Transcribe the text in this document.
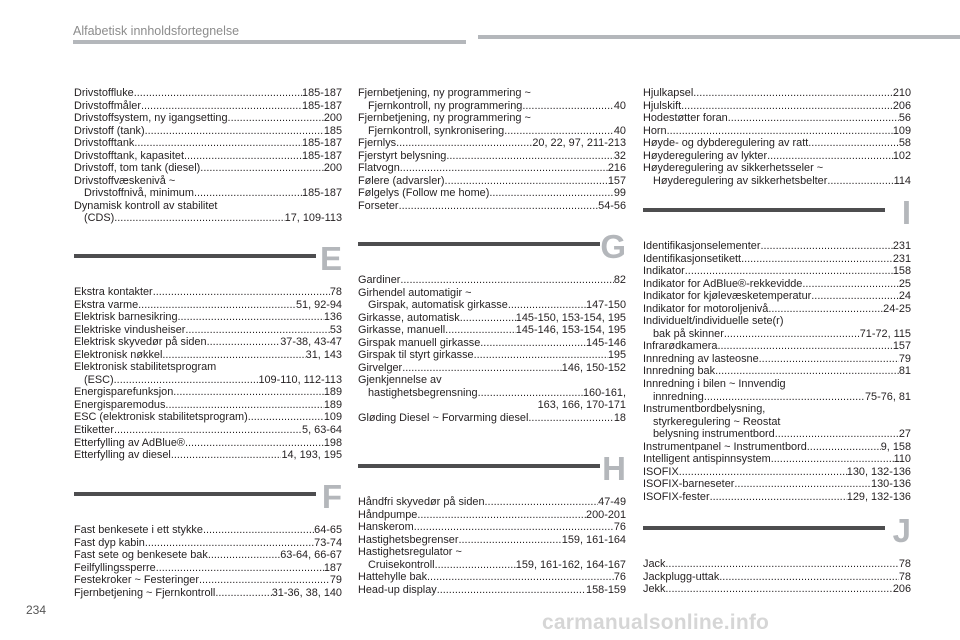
Alfabetisk innholdsfortegnelse
Drivstoffluke .....	185-187
Drivstoffmåler .....	185-187
Drivstoffsystem, ny igangsetting .....	200
Drivstoff (tank) .....	185
Drivstofftank .....	185-187
Drivstofftank, kapasitet .....	185-187
Drivstoff, tom tank (diesel) .....	200
Drivstoffvæskenivå ~
Drivstoffnivå, minimum .....	185-187
Dynamisk kontroll av stabilitet
(CDS) .....	17, 109-113
E
Ekstra kontakter .....	78
Ekstra varme .....	51, 92-94
Elektrisk barnesikring .....	136
Elektriske vindusheiser .....	53
Elektrisk skyvedør på siden .....	37-38, 43-47
Elektronisk nøkkel .....	31, 143
Elektronisk stabilitetsprogram
(ESC) .....	109-110, 112-113
Energisparefunksjon .....	189
Energisparemodus .....	189
ESC (elektronisk stabilitetsprogram) .....	109
Etiketter .....	5, 63-64
Etterfylling av AdBlue® .....	198
Etterfylling av diesel .....	14, 193, 195
F
Fast benkesete i ett stykke .....	64-65
Fast dyp kabin .....	73-74
Fast sete og benkesete bak .....	63-64, 66-67
Feilfyllingssperre .....	187
Festekroker ~ Festeringer .....	79
Fjernbetjening ~ Fjernkontroll .....	31-36, 38, 140
Fjernbetjening, ny programmering ~
Fjernkontroll, ny programmering .....	40
Fjernbetjening, ny programmering ~
Fjernkontroll, synkronisering .....	40
Fjernlys .....	20, 22, 97, 211-213
Fjerstyrt belysning .....	32
Flatvogn .....	216
Følere (advarsler) .....	157
Følgelys (Follow me home) .....	99
Forseter .....	54-56
G
Gardiner .....	82
Girhendel automatigir ~
Girspak, automatisk girkasse .....	147-150
Girkasse, automatisk .....	145-150, 153-154, 195
Girkasse, manuell .....	145-146, 153-154, 195
Girspak manuell girkasse .....	145-146
Girspak til styrt girkasse .....	195
Girvelger .....	146, 150-152
Gjenkjennelse av
hastighetsbegrensning .....	160-161,
163, 166, 170-171
Gløding Diesel ~ Forvarming diesel .....	18
H
Håndfri skyvedør på siden .....	47-49
Håndpumpe .....	200-201
Hanskerom .....	76
Hastighetsbegrenser .....	159, 161-164
Hastighetsregulator ~
Cruisekontroll .....	159, 161-162, 164-167
Hattehylle bak .....	76
Head-up display .....	158-159
Hjulkapsel .....	210
Hjulskift .....	206
Hodestøtter foran .....	56
Horn .....	109
Høyde- og dybderegulering av ratt .....	58
Høyderegulering av lykter .....	102
Høyderegulering av sikkerhetsseler ~
Høyderegulering av sikkerhetsbelter .....	114
I
Identifikasjonselementer .....	231
Identifikasjonsetikett .....	231
Indikator .....	158
Indikator for AdBlue®-rekkevidde .....	25
Indikator for kjølevæsketemperatur .....	24
Indikator for motoroljenivå .....	24-25
Individuelt/individuelle sete(r)
bak på skinner .....	71-72, 115
Infrarødkamera .....	157
Innredning av lasteosne .....	79
Innredning bak .....	81
Innredning i bilen ~ Innvendig
innredning .....	75-76, 81
Instrumentbordbelysning,
styrkeregulering ~ Reostat
belysning instrumentbord .....	27
Instrumentpanel ~ Instrumentbord .....	9, 158
Intelligent antispinnsystem .....	110
ISOFIX .....	130, 132-136
ISOFIX-barneseter .....	130-136
ISOFIX-fester .....	129, 132-136
J
Jack .....	78
Jackplugg-uttak .....	78
Jekk .....	206
234
carmanualsonline.info
